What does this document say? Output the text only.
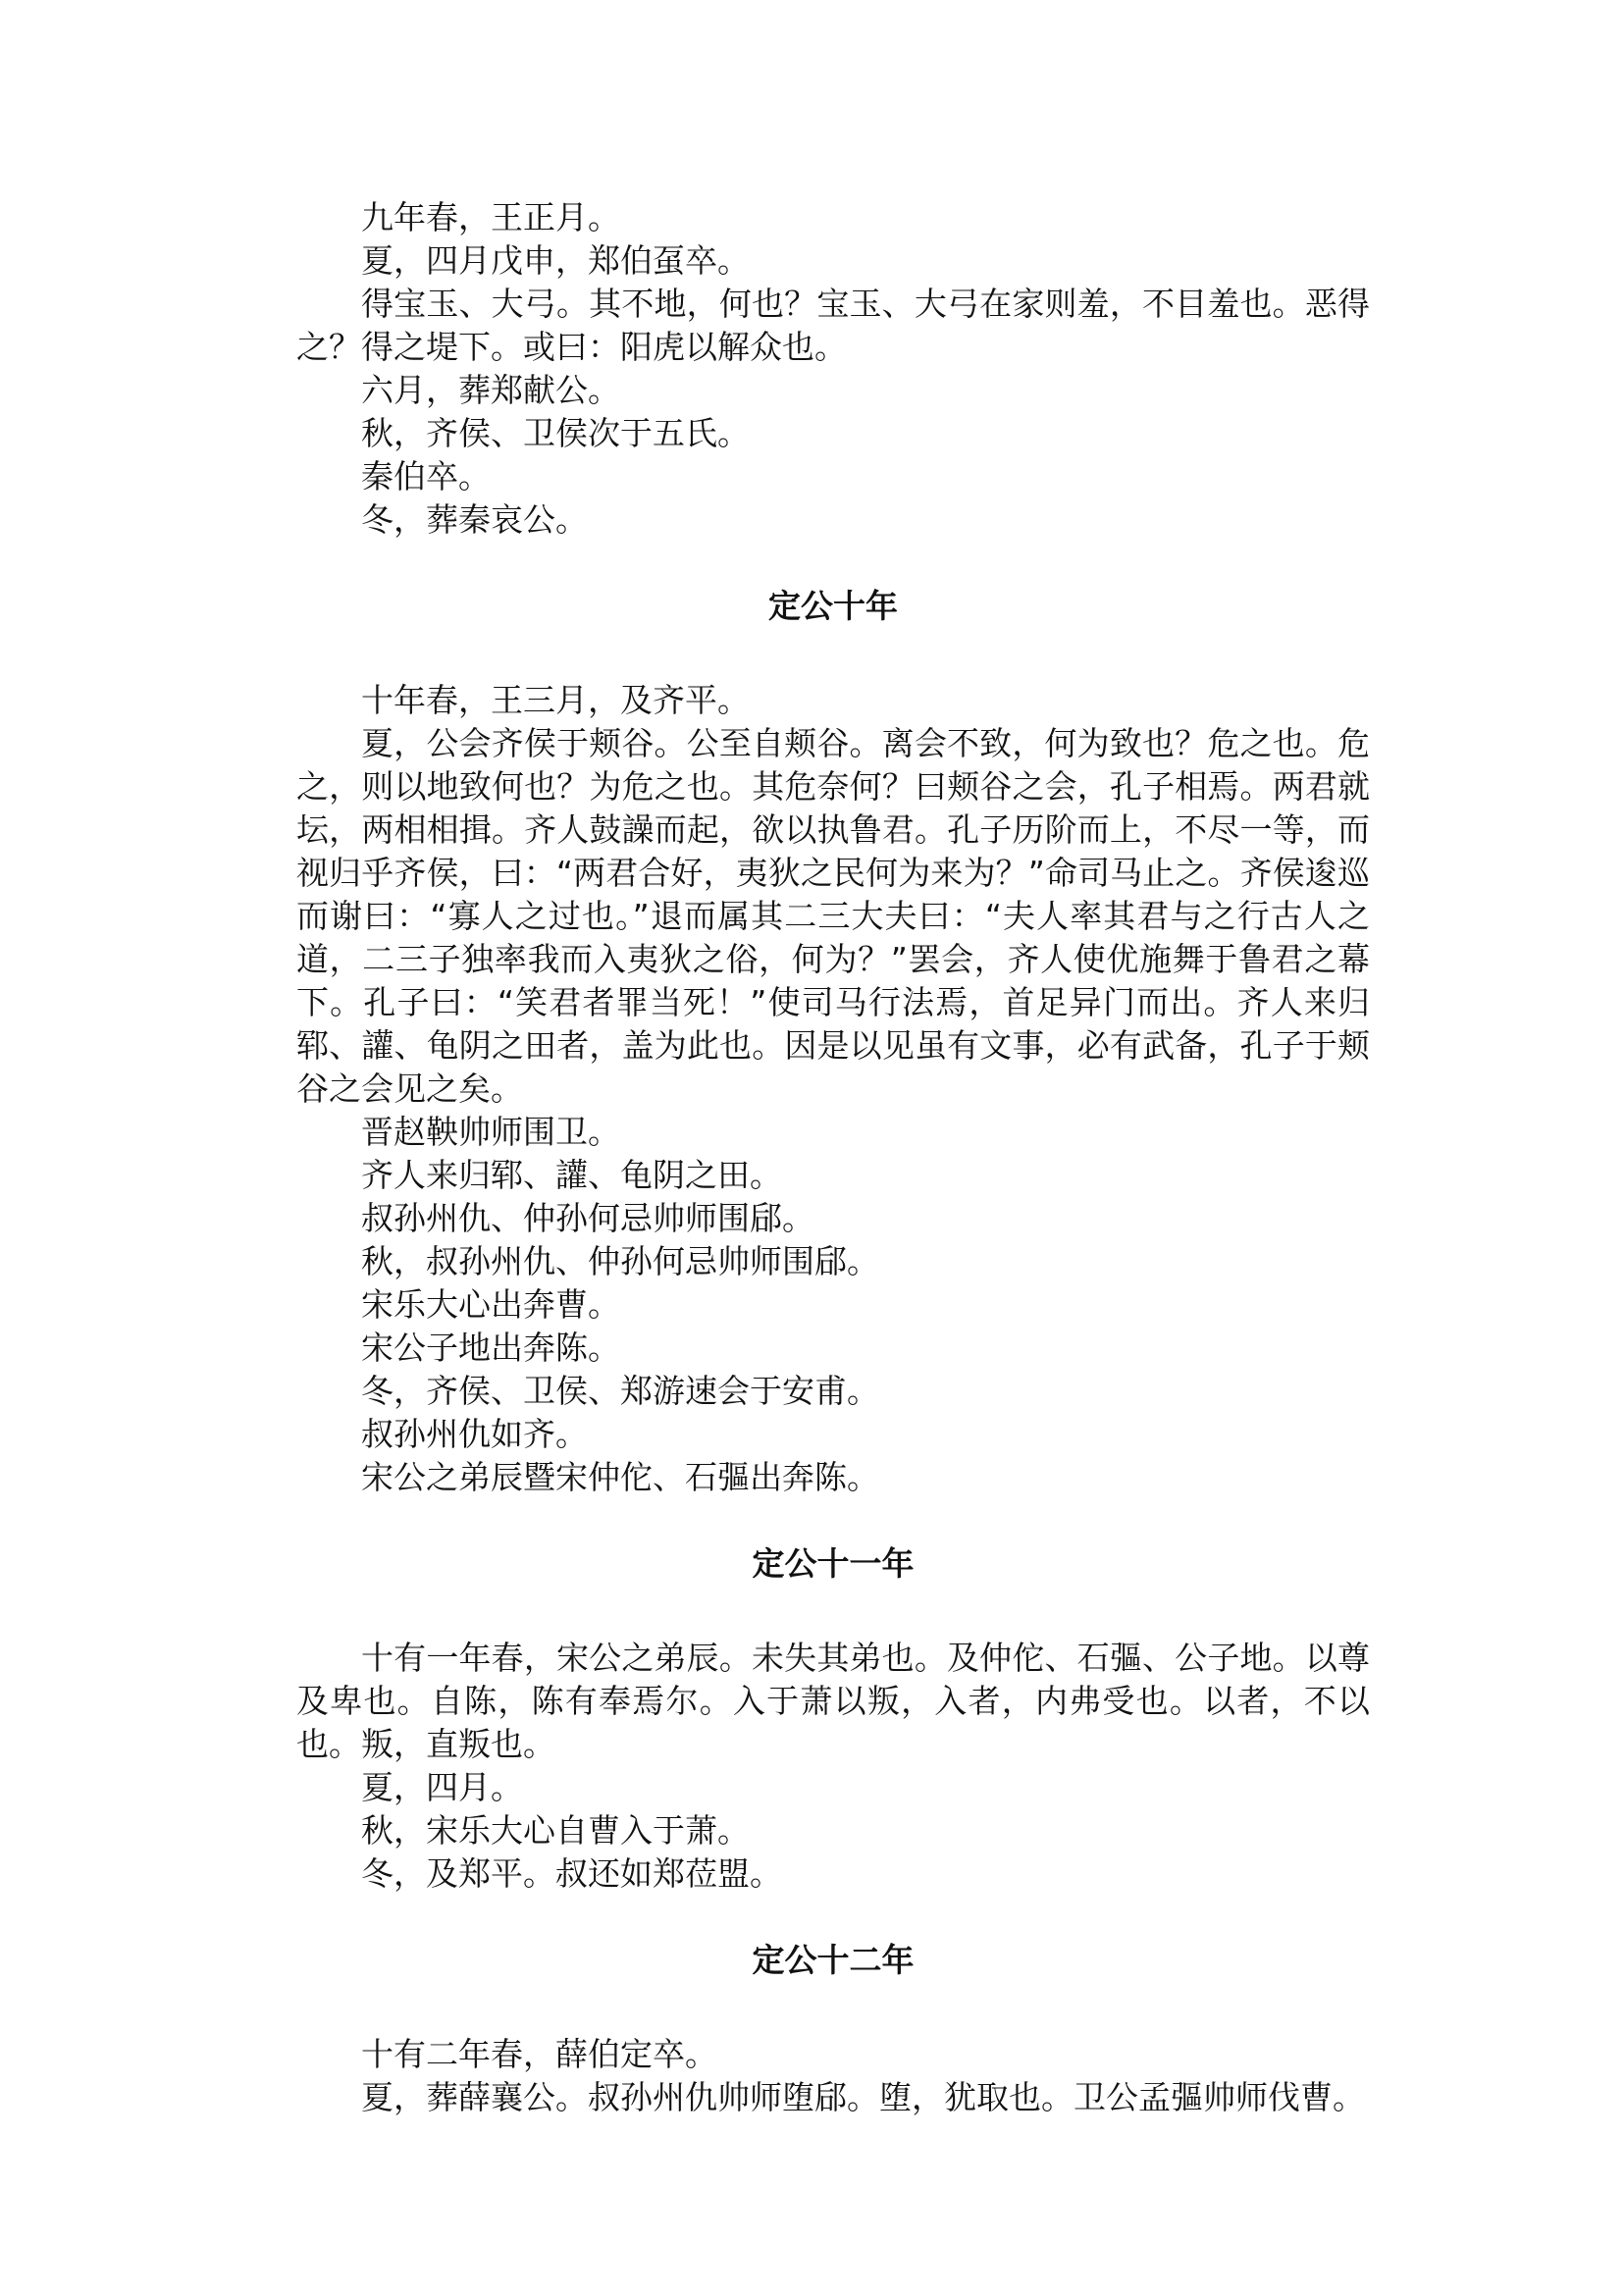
九年春，王正月。

夏，四月戊申，郑伯虿卒。

得宝玉、大弓。其不地，何也？宝玉、大弓在家则羞，不目羞也。恶得之？得之堤下。或曰：阳虎以解众也。

六月，葬郑献公。

秋，齐侯、卫侯次于五氏。

秦伯卒。

冬，葬秦哀公。

定公十年

十年春，王三月，及齐平。

夏，公会齐侯于颊谷。公至自颊谷。离会不致，何为致也？危之也。危之，则以地致何也？为危之也。其危奈何？曰颊谷之会，孔子相焉。两君就坛，两相相揖。齐人鼓譟而起，欲以执鲁君。孔子历阶而上，不尽一等，而视归乎齐侯，曰：“两君合好，夷狄之民何为来为？”命司马止之。齐侯逡巡而谢曰：“寡人之过也。”退而属其二三大夫曰：“夫人率其君与之行古人之道，二三子独率我而入夷狄之俗，何为？”罢会，齐人使优施舞于鲁君之幕下。孔子曰：“笑君者罪当死！”使司马行法焉，首足异门而出。齐人来归郓、讙、龟阴之田者，盖为此也。因是以见虽有文事，必有武备，孔子于颊谷之会见之矣。

晋赵鞅帅师围卫。

齐人来归郓、讙、龟阴之田。

叔孙州仇、仲孙何忌帅师围郈。

秋，叔孙州仇、仲孙何忌帅师围郈。

宋乐大心出奔曹。

宋公子地出奔陈。

冬，齐侯、卫侯、郑游速会于安甫。

叔孙州仇如齐。

宋公之弟辰暨宋仲佗、石彄出奔陈。

定公十一年

十有一年春，宋公之弟辰。未失其弟也。及仲佗、石彄、公子地。以尊及卑也。自陈，陈有奉焉尔。入于萧以叛，入者，内弗受也。以者，不以也。叛，直叛也。

夏，四月。

秋，宋乐大心自曹入于萧。

冬，及郑平。叔还如郑莅盟。

定公十二年

十有二年春，薛伯定卒。

夏，葬薛襄公。叔孙州仇帅师堕郈。堕，犹取也。卫公孟彄帅师伐曹。
